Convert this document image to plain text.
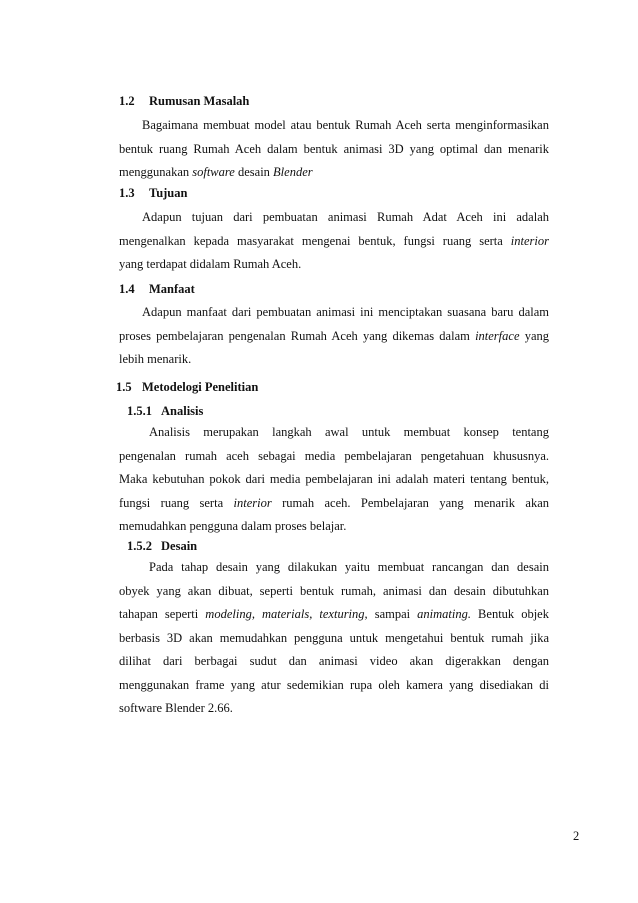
1.2 Rumusan Masalah
Bagaimana membuat model atau bentuk Rumah Aceh serta menginformasikan
bentuk ruang Rumah Aceh dalam bentuk animasi 3D yang optimal dan menarik
menggunakan software desain Blender
1.3 Tujuan
Adapun tujuan dari pembuatan animasi Rumah Adat Aceh ini adalah
mengenalkan kepada masyarakat mengenai bentuk, fungsi ruang serta interior
yang terdapat didalam Rumah Aceh.
1.4 Manfaat
Adapun manfaat dari pembuatan animasi ini menciptakan suasana baru dalam
proses pembelajaran pengenalan Rumah Aceh yang dikemas dalam interface yang
lebih menarik.
1.5 Metodelogi Penelitian
1.5.1 Analisis
Analisis merupakan langkah awal untuk membuat konsep tentang
pengenalan rumah aceh sebagai media pembelajaran pengetahuan khususnya.
Maka kebutuhan pokok dari media pembelajaran ini adalah materi tentang bentuk,
fungsi ruang serta interior rumah aceh. Pembelajaran yang menarik akan
memudahkan pengguna dalam proses belajar.
1.5.2 Desain
Pada tahap desain yang dilakukan yaitu membuat rancangan dan desain
obyek yang akan dibuat, seperti bentuk rumah, animasi dan desain dibutuhkan
tahapan seperti modeling, materials, texturing, sampai animating. Bentuk objek
berbasis 3D akan memudahkan pengguna untuk mengetahui bentuk rumah jika
dilihat dari berbagai sudut dan animasi video akan digerakkan dengan
menggunakan frame yang atur sedemikian rupa oleh kamera yang disediakan di
software Blender 2.66.
2
